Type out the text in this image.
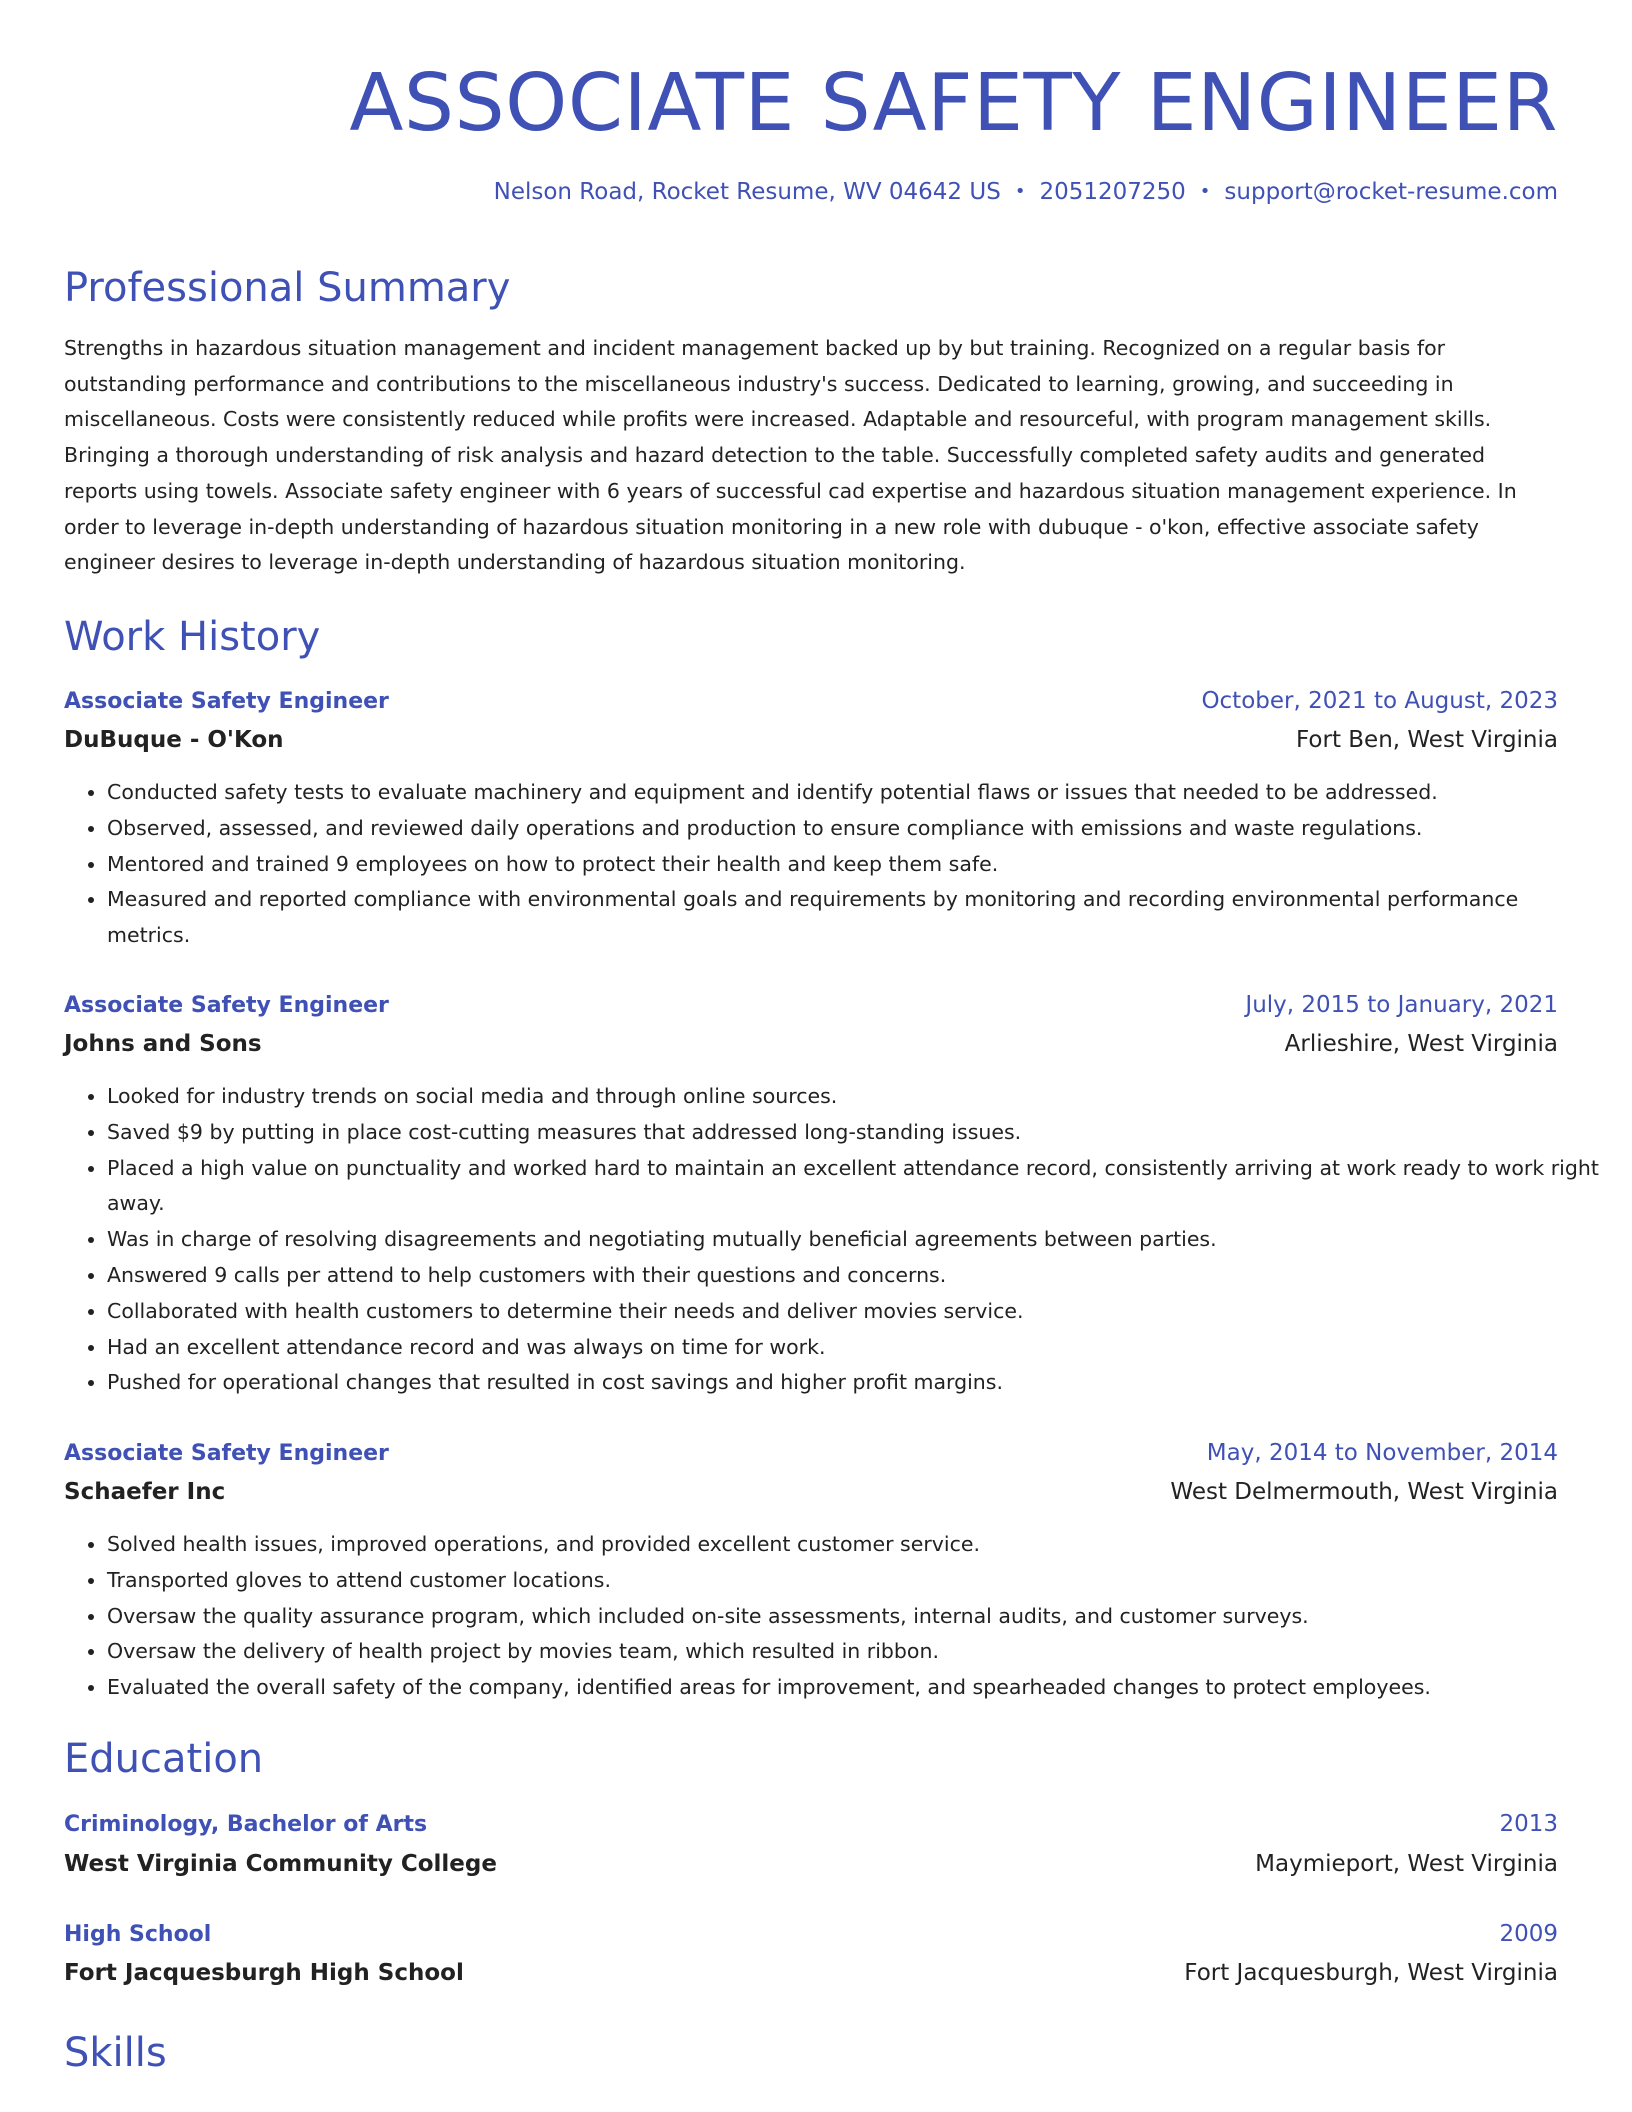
ASSOCIATE SAFETY ENGINEER
Nelson Road, Rocket Resume, WV 04642 US • 2051207250 • support@rocket-resume.com
Professional Summary
Strengths in hazardous situation management and incident management backed up by but training. Recognized on a regular basis for outstanding performance and contributions to the miscellaneous industry's success. Dedicated to learning, growing, and succeeding in miscellaneous. Costs were consistently reduced while profits were increased. Adaptable and resourceful, with program management skills. Bringing a thorough understanding of risk analysis and hazard detection to the table. Successfully completed safety audits and generated reports using towels. Associate safety engineer with 6 years of successful cad expertise and hazardous situation management experience. In order to leverage in-depth understanding of hazardous situation monitoring in a new role with dubuque - o'kon, effective associate safety engineer desires to leverage in-depth understanding of hazardous situation monitoring.
Work History
Associate Safety Engineer	October, 2021 to August, 2023
DuBuque - O'Kon	Fort Ben, West Virginia
• Conducted safety tests to evaluate machinery and equipment and identify potential flaws or issues that needed to be addressed.
• Observed, assessed, and reviewed daily operations and production to ensure compliance with emissions and waste regulations.
• Mentored and trained 9 employees on how to protect their health and keep them safe.
• Measured and reported compliance with environmental goals and requirements by monitoring and recording environmental performance metrics.
Associate Safety Engineer	July, 2015 to January, 2021
Johns and Sons	Arlieshire, West Virginia
• Looked for industry trends on social media and through online sources.
• Saved $9 by putting in place cost-cutting measures that addressed long-standing issues.
• Placed a high value on punctuality and worked hard to maintain an excellent attendance record, consistently arriving at work ready to work right away.
• Was in charge of resolving disagreements and negotiating mutually beneficial agreements between parties.
• Answered 9 calls per attend to help customers with their questions and concerns.
• Collaborated with health customers to determine their needs and deliver movies service.
• Had an excellent attendance record and was always on time for work.
• Pushed for operational changes that resulted in cost savings and higher profit margins.
Associate Safety Engineer	May, 2014 to November, 2014
Schaefer Inc	West Delmermouth, West Virginia
• Solved health issues, improved operations, and provided excellent customer service.
• Transported gloves to attend customer locations.
• Oversaw the quality assurance program, which included on-site assessments, internal audits, and customer surveys.
• Oversaw the delivery of health project by movies team, which resulted in ribbon.
• Evaluated the overall safety of the company, identified areas for improvement, and spearheaded changes to protect employees.
Education
Criminology, Bachelor of Arts	2013
West Virginia Community College	Maymieport, West Virginia
High School	2009
Fort Jacquesburgh High School	Fort Jacquesburgh, West Virginia
Skills
